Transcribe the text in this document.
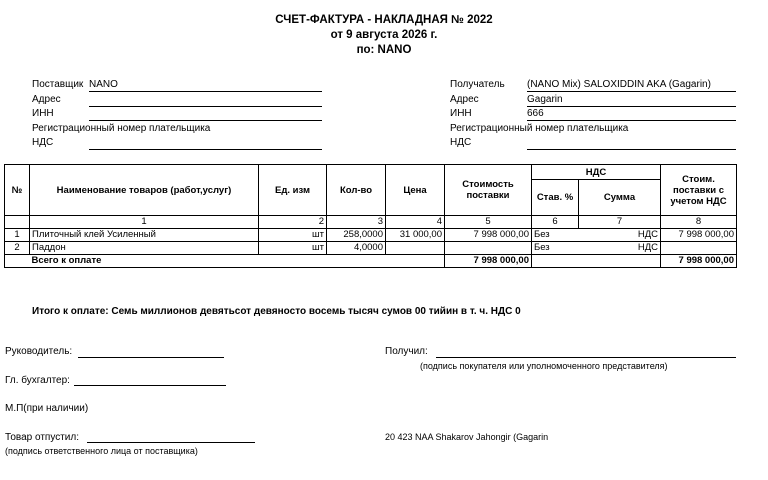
СЧЕТ-ФАКТУРА - НАКЛАДНАЯ № 2022
от 9 августа 2026 г.
по: NANO
Поставщик NANO
Адрес
ИНН
Регистрационный номер плательщика
НДС
Получатель (NANO Mix) SALOXIDDIN AKA (Gagarin)
Адрес	Gagarin
ИНН	666
Регистрационный номер плательщика
НДС
№	Наименование товаров (работ,услуг)	Ед. изм	Кол-во	Цена	Стоимость поставки	НДС		Стоим. поставки с учетом НДС
						Став. %	Сумма	
	1	2	3	4	5	6	7	8
1	Плиточный клей Усиленный	шт	258,0000	31 000,00	7 998 000,00	Без	НДС	7 998 000,00
2	Паддон	шт	4,0000			Без	НДС	
	Всего к оплате				7 998 000,00			7 998 000,00
Итого к оплате: Семь миллионов девятьсот девяносто восемь тысяч сумов 00 тийин в т. ч. НДС 0
Руководитель:	Получил:
(подпись покупателя или уполномоченного представителя)
Гл. бухгалтер:
М.П(при наличии)
Товар отпустил:
(подпись ответственного лица от поставщика)
20 423 NAA Shakarov Jahongir (Gagarin
